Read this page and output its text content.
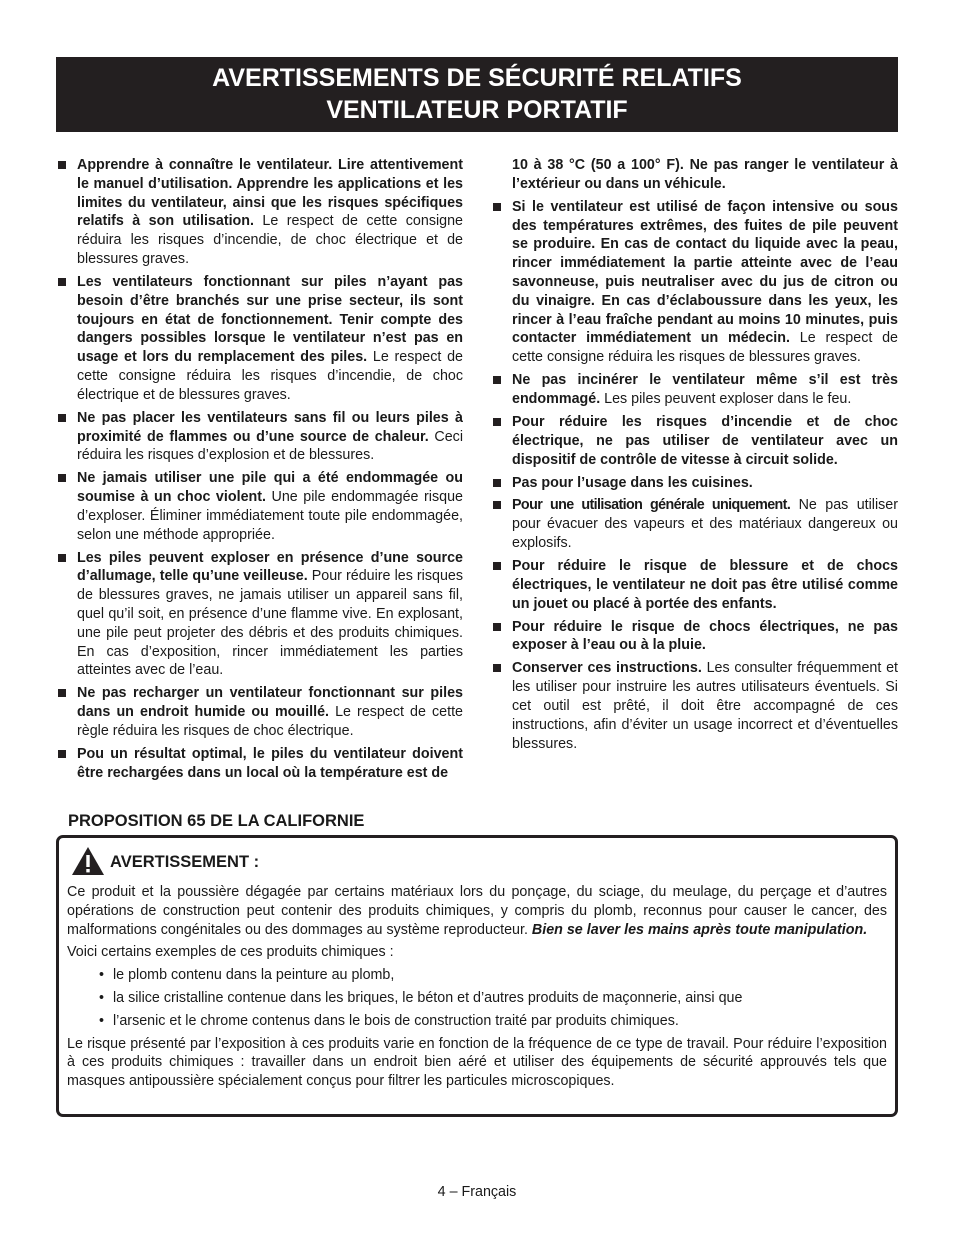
AVERTISSEMENTS DE SÉCURITÉ RELATIFS
VENTILATEUR PORTATIF
Apprendre à connaître le ventilateur. Lire attentivement le manuel d’utilisation. Apprendre les applications et les limites du ventilateur, ainsi que les risques spécifiques relatifs à son utilisation. Le respect de cette consigne réduira les risques d’incendie, de choc électrique et de blessures graves.
Les ventilateurs fonctionnant sur piles n’ayant pas besoin d’être branchés sur une prise secteur, ils sont toujours en état de fonctionnement. Tenir compte des dangers possibles lorsque le ventilateur n’est pas en usage et lors du remplacement des piles. Le respect de cette consigne réduira les risques d’incendie, de choc électrique et de blessures graves.
Ne pas placer les ventilateurs sans fil ou leurs piles à proximité de flammes ou d’une source de chaleur. Ceci réduira les risques d’explosion et de blessures.
Ne jamais utiliser une pile qui a été endommagée ou soumise à un choc violent. Une pile endommagée risque d’exploser. Éliminer immédiatement toute pile endommagée, selon une méthode appropriée.
Les piles peuvent exploser en présence d’une source d’allumage, telle qu’une veilleuse. Pour réduire les risques de blessures graves, ne jamais utiliser un appareil sans fil, quel qu’il soit, en présence d’une flamme vive. En explosant, une pile peut projeter des débris et des produits chimiques. En cas d’exposition, rincer immédiatement les parties atteintes avec de l’eau.
Ne pas recharger un ventilateur fonctionnant sur piles dans un endroit humide ou mouillé. Le respect de cette règle réduira les risques de choc électrique.
Pou un résultat optimal, le piles du ventilateur doivent être rechargées dans un local où la température est de
10 à 38 °C (50 a 100° F). Ne pas ranger le ventilateur à l’extérieur ou dans un véhicule.
Si le ventilateur est utilisé de façon intensive ou sous des températures extrêmes, des fuites de pile peuvent se produire. En cas de contact du liquide avec la peau, rincer immédiatement la partie atteinte avec de l’eau savonneuse, puis neutraliser avec du jus de citron ou du vinaigre. En cas d’éclaboussure dans les yeux, les rincer à l’eau fraîche pendant au moins 10 minutes, puis contacter immédiatement un médecin. Le respect de cette consigne réduira les risques de blessures graves.
Ne pas incinérer le ventilateur même s’il est très endommagé. Les piles peuvent exploser dans le feu.
Pour réduire les risques d’incendie et de choc électrique, ne pas utiliser de ventilateur avec un dispositif de contrôle de vitesse à circuit solide.
Pas pour l’usage dans les cuisines.
Pour une utilisation générale uniquement. Ne pas utiliser pour évacuer des vapeurs et des matériaux dangereux ou explosifs.
Pour réduire le risque de blessure et de chocs électriques, le ventilateur ne doit pas être utilisé comme un jouet ou placé à portée des enfants.
Pour réduire le risque de chocs électriques, ne pas exposer à l’eau ou à la pluie.
Conserver ces instructions. Les consulter fréquemment et les utiliser pour instruire les autres utilisateurs éventuels. Si cet outil est prêté, il doit être accompagné de ces instructions, afin d’éviter un usage incorrect et d’éventuelles blessures.
PROPOSITION 65 DE LA CALIFORNIE
AVERTISSEMENT :

Ce produit et la poussière dégagée par certains matériaux lors du ponçage, du sciage, du meulage, du perçage et d’autres opérations de construction peut contenir des produits chimiques, y compris du plomb, reconnus pour causer le cancer, des malformations congénitales ou des dommages au système reproducteur. Bien se laver les mains après toute manipulation.

Voici certains exemples de ces produits chimiques :

• le plomb contenu dans la peinture au plomb,
• la silice cristalline contenue dans les briques, le béton et d’autres produits de maçonnerie, ainsi que
• l’arsenic et le chrome contenus dans le bois de construction traité par produits chimiques.

Le risque présenté par l’exposition à ces produits varie en fonction de la fréquence de ce type de travail. Pour réduire l’exposition à ces produits chimiques : travailler dans un endroit bien aéré et utiliser des équipements de sécurité approuvés tels que masques antipoussière spécialement conçus pour filtrer les particules microscopiques.

4 – Français
